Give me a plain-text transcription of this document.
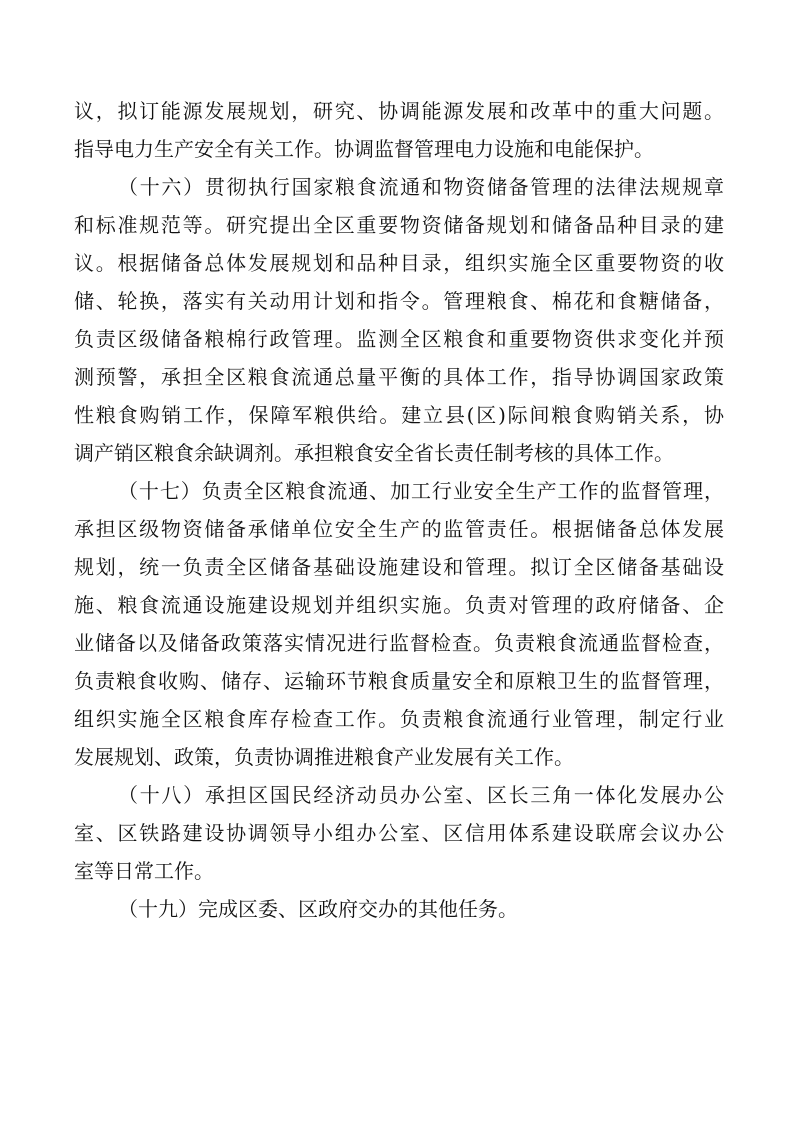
议，拟订能源发展规划，研究、协调能源发展和改革中的重大问题。
指导电力生产安全有关工作。协调监督管理电力设施和电能保护。
（十六）贯彻执行国家粮食流通和物资储备管理的法律法规规章
和标准规范等。研究提出全区重要物资储备规划和储备品种目录的建
议。根据储备总体发展规划和品种目录，组织实施全区重要物资的收
储、轮换，落实有关动用计划和指令。管理粮食、棉花和食糖储备，
负责区级储备粮棉行政管理。监测全区粮食和重要物资供求变化并预
测预警，承担全区粮食流通总量平衡的具体工作，指导协调国家政策
性粮食购销工作，保障军粮供给。建立县(区)际间粮食购销关系，协
调产销区粮食余缺调剂。承担粮食安全省长责任制考核的具体工作。
（十七）负责全区粮食流通、加工行业安全生产工作的监督管理，
承担区级物资储备承储单位安全生产的监管责任。根据储备总体发展
规划，统一负责全区储备基础设施建设和管理。拟订全区储备基础设
施、粮食流通设施建设规划并组织实施。负责对管理的政府储备、企
业储备以及储备政策落实情况进行监督检查。负责粮食流通监督检查，
负责粮食收购、储存、运输环节粮食质量安全和原粮卫生的监督管理，
组织实施全区粮食库存检查工作。负责粮食流通行业管理，制定行业
发展规划、政策，负责协调推进粮食产业发展有关工作。
（十八）承担区国民经济动员办公室、区长三角一体化发展办公
室、区铁路建设协调领导小组办公室、区信用体系建设联席会议办公
室等日常工作。
（十九）完成区委、区政府交办的其他任务。
